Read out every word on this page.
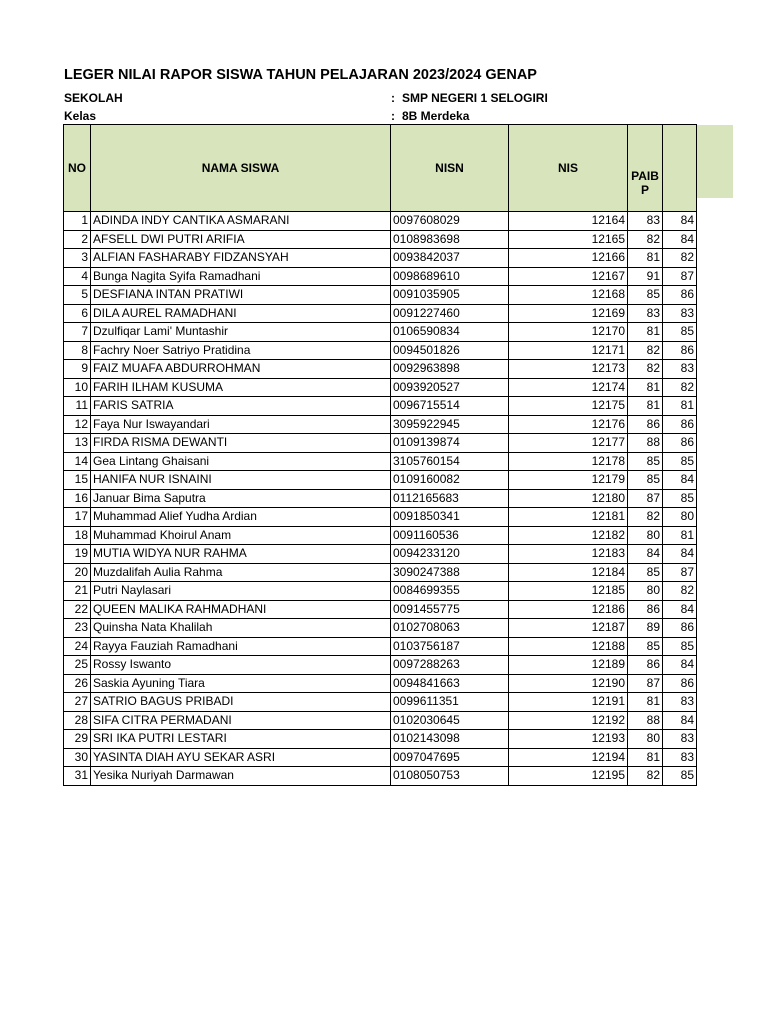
LEGER NILAI RAPOR SISWA TAHUN PELAJARAN 2023/2024 GENAP
SEKOLAH	: SMP NEGERI 1 SELOGIRI
Kelas	: 8B Merdeka
NO	NAMA SISWA	NISN	NIS	PAIB P	
1	ADINDA INDY CANTIKA ASMARANI	0097608029	12164	83	84
2	AFSELL DWI PUTRI ARIFIA	0108983698	12165	82	84
3	ALFIAN FASHARABY FIDZANSYAH	0093842037	12166	81	82
4	Bunga Nagita Syifa Ramadhani	0098689610	12167	91	87
5	DESFIANA INTAN PRATIWI	0091035905	12168	85	86
6	DILA AUREL RAMADHANI	0091227460	12169	83	83
7	Dzulfiqar Lami' Muntashir	0106590834	12170	81	85
8	Fachry Noer Satriyo Pratidina	0094501826	12171	82	86
9	FAIZ MUAFA ABDURROHMAN	0092963898	12173	82	83
10	FARIH ILHAM KUSUMA	0093920527	12174	81	82
11	FARIS SATRIA	0096715514	12175	81	81
12	Faya Nur Iswayandari	3095922945	12176	86	86
13	FIRDA RISMA DEWANTI	0109139874	12177	88	86
14	Gea Lintang Ghaisani	3105760154	12178	85	85
15	HANIFA NUR ISNAINI	0109160082	12179	85	84
16	Januar Bima Saputra	0112165683	12180	87	85
17	Muhammad Alief Yudha Ardian	0091850341	12181	82	80
18	Muhammad Khoirul Anam	0091160536	12182	80	81
19	MUTIA WIDYA NUR RAHMA	0094233120	12183	84	84
20	Muzdalifah Aulia Rahma	3090247388	12184	85	87
21	Putri Naylasari	0084699355	12185	80	82
22	QUEEN MALIKA RAHMADHANI	0091455775	12186	86	84
23	Quinsha Nata Khalilah	0102708063	12187	89	86
24	Rayya Fauziah Ramadhani	0103756187	12188	85	85
25	Rossy Iswanto	0097288263	12189	86	84
26	Saskia Ayuning Tiara	0094841663	12190	87	86
27	SATRIO BAGUS PRIBADI	0099611351	12191	81	83
28	SIFA CITRA PERMADANI	0102030645	12192	88	84
29	SRI IKA PUTRI LESTARI	0102143098	12193	80	83
30	YASINTA DIAH AYU SEKAR ASRI	0097047695	12194	81	83
31	Yesika Nuriyah Darmawan	0108050753	12195	82	85
